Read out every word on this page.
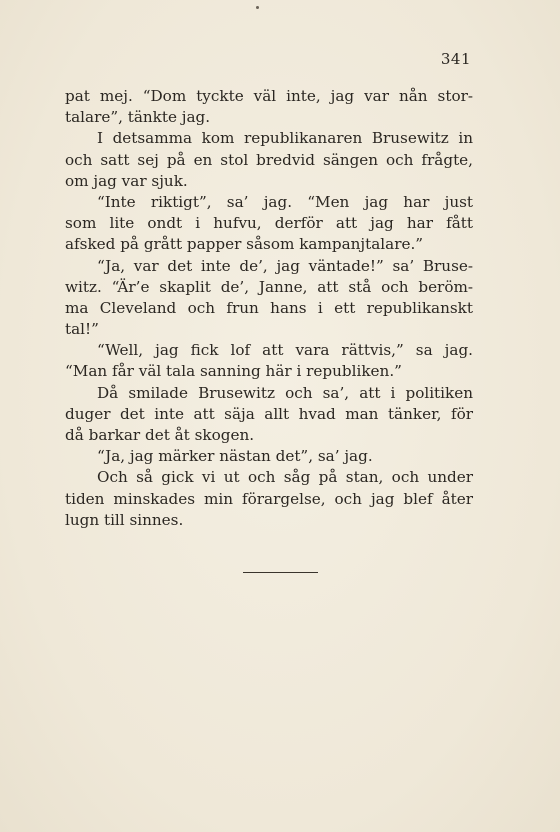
341
pat mej. “Dom tyckte väl inte, jag var nån stor-
talare”, tänkte jag.
I detsamma kom republikanaren Brusewitz in
och satt sej på en stol bredvid sängen och frågte,
om jag var sjuk.
“Inte riktigt”, sa’ jag. “Men jag har just
som lite ondt i hufvu, derför att jag har fått
afsked på grått papper såsom kampanjtalare.”
“Ja, var det inte de’, jag väntade!” sa’ Bruse-
witz. “Är’e skaplit de’, Janne, att stå och beröm-
ma Cleveland och frun hans i ett republikanskt
tal!”
“Well, jag fick lof att vara rättvis,” sa jag.
“Man får väl tala sanning här i republiken.”
Då smilade Brusewitz och sa’, att i politiken
duger det inte att säja allt hvad man tänker, för
då barkar det åt skogen.
“Ja, jag märker nästan det”, sa’ jag.
Och så gick vi ut och såg på stan, och under
tiden minskades min förargelse, och jag blef åter
lugn till sinnes.
